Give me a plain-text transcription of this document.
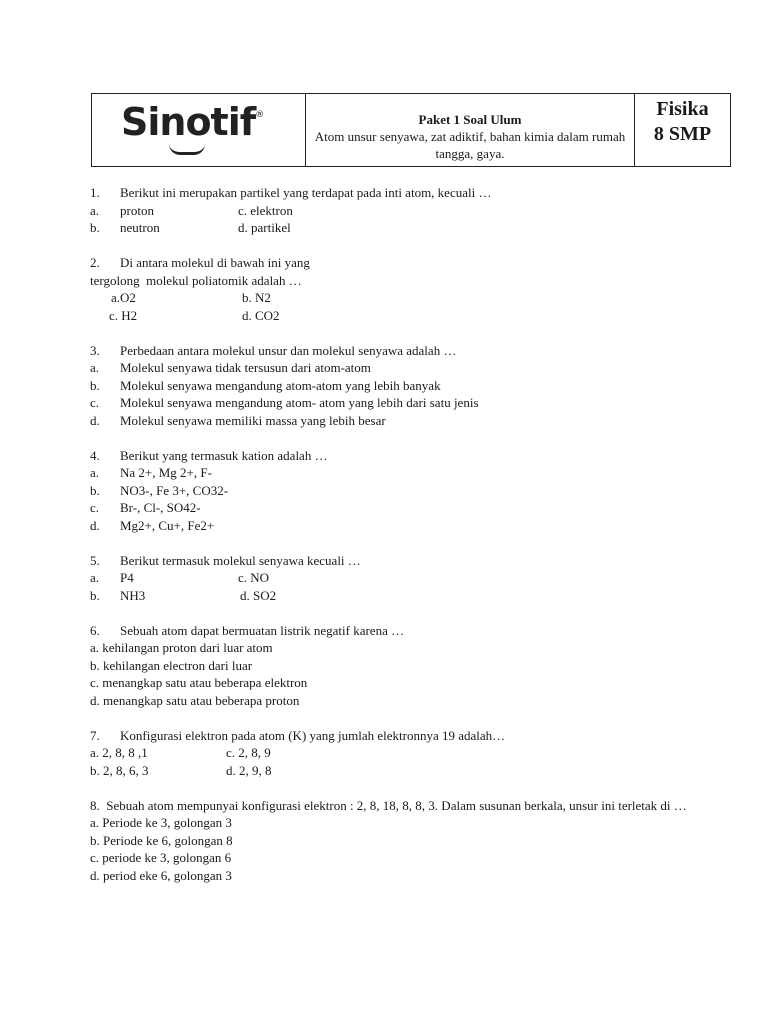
Sinotif®	Paket 1 Soal Ulum
Atom unsur senyawa, zat adiktif, bahan kimia dalam rumah tangga, gaya.
Fisika
8 SMP
1. Berikut ini merupakan partikel yang terdapat pada inti atom, kecuali …
a. proton	c. elektron
b. neutron	d. partikel
2. Di antara molekul di bawah ini yang
tergolong  molekul poliatomik adalah …
a.O2	b. N2
c. H2	d. CO2
3. Perbedaan antara molekul unsur dan molekul senyawa adalah …
a. Molekul senyawa tidak tersusun dari atom-atom
b. Molekul senyawa mengandung atom-atom yang lebih banyak
c. Molekul senyawa mengandung atom- atom yang lebih dari satu jenis
d. Molekul senyawa memiliki massa yang lebih besar
4. Berikut yang termasuk kation adalah …
a. Na 2+, Mg 2+, F-
b. NO3-, Fe 3+, CO32-
c. Br-, Cl-, SO42-
d. Mg2+, Cu+, Fe2+
5. Berikut termasuk molekul senyawa kecuali …
a. P4	c. NO
b. NH3	d. SO2
6. Sebuah atom dapat bermuatan listrik negatif karena …
a. kehilangan proton dari luar atom
b. kehilangan electron dari luar
c. menangkap satu atau beberapa elektron
d. menangkap satu atau beberapa proton
7. Konfigurasi elektron pada atom (K) yang jumlah elektronnya 19 adalah…
a. 2, 8, 8 ,1	c. 2, 8, 9
b. 2, 8, 6, 3	d. 2, 9, 8
8. Sebuah atom mempunyai konfigurasi elektron : 2, 8, 18, 8, 8, 3. Dalam susunan berkala, unsur ini terletak di …
a. Periode ke 3, golongan 3
b. Periode ke 6, golongan 8
c. periode ke 3, golongan 6
d. period eke 6, golongan 3
